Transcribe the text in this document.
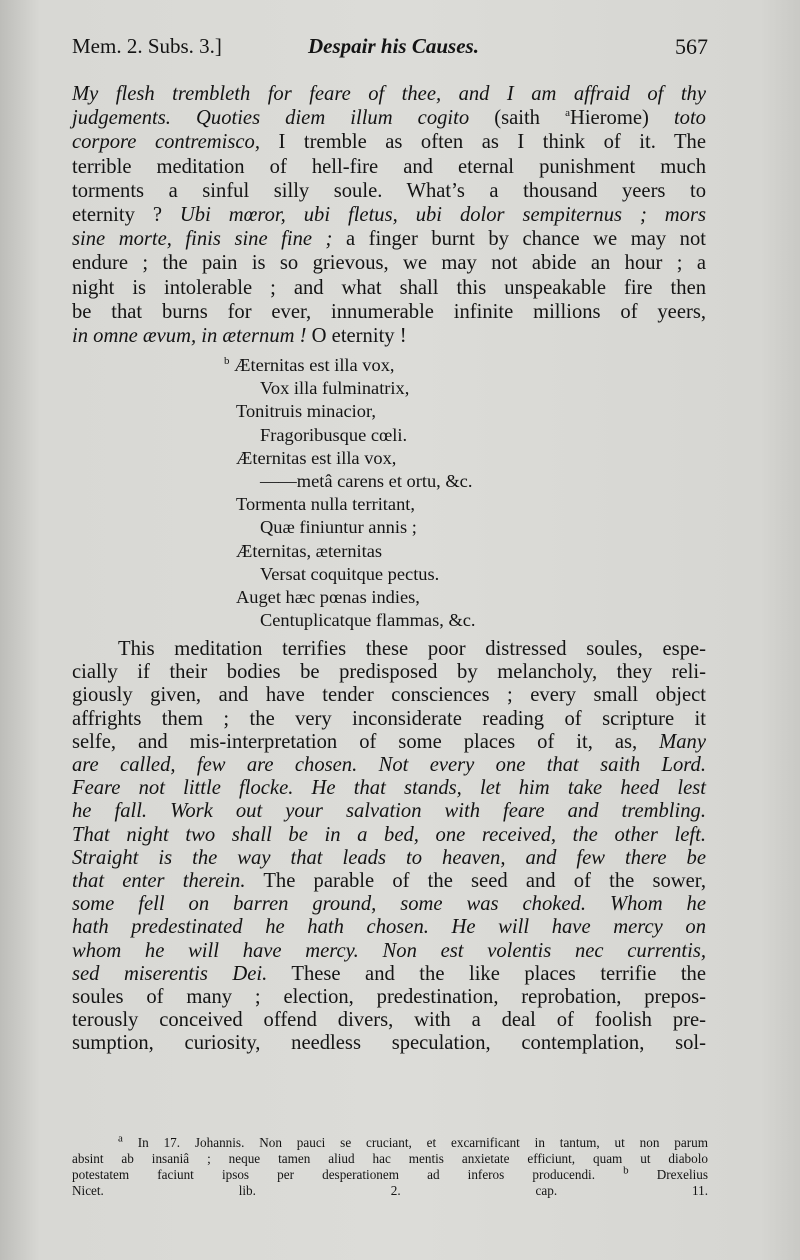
Mem. 2. Subs. 3.]	Despair his Causes.	567
My flesh trembleth for feare of thee, and I am affraid of thy
judgements. Quoties diem illum cogito (saith $^a$Hierome) toto
corpore contremisco, I tremble as often as I think of it. The
terrible meditation of hell-fire and eternal punishment much
torments a sinful silly soule. What’s a thousand yeers to
eternity ? Ubi mœror, ubi fletus, ubi dolor sempiternus ; mors
sine morte, finis sine fine ; a finger burnt by chance we may not
endure ; the pain is so grievous, we may not abide an hour ; a
night is intolerable ; and what shall this unspeakable fire then
be that burns for ever, innumerable infinite millions of yeers,
in omne ævum, in æternum ! O eternity !
$^b$ Æternitas est illa vox,
Vox illa fulminatrix,
Tonitruis minacior,
Fragoribusque cœli.
Æternitas est illa vox,
——metâ carens et ortu, &c.
Tormenta nulla territant,
Quæ finiuntur annis ;
Æternitas, æternitas
Versat coquitque pectus.
Auget hæc pœnas indies,
Centuplicatque flammas, &c.
This meditation terrifies these poor distressed soules, espe-
cially if their bodies be predisposed by melancholy, they reli-
giously given, and have tender consciences ; every small object
affrights them ; the very inconsiderate reading of scripture it
selfe, and mis-interpretation of some places of it, as, Many
are called, few are chosen. Not every one that saith Lord.
Feare not little flocke. He that stands, let him take heed lest
he fall. Work out your salvation with feare and trembling.
That night two shall be in a bed, one received, the other left.
Straight is the way that leads to heaven, and few there be
that enter therein. The parable of the seed and of the sower,
some fell on barren ground, some was choked. Whom he
hath predestinated he hath chosen. He will have mercy on
whom he will have mercy. Non est volentis nec currentis,
sed miserentis Dei. These and the like places terrifie the
soules of many ; election, predestination, reprobation, prepos-
terously conceived offend divers, with a deal of foolish pre-
sumption, curiosity, needless speculation, contemplation, sol-
$^a$ In 17. Johannis. Non pauci se cruciant, et excarnificant in tantum, ut non parum
absint ab insaniâ ; neque tamen aliud hac mentis anxietate efficiunt, quam ut diabolo
potestatem faciunt ipsos per desperationem ad inferos producendi. $^b$ Drexelius
Nicet. lib. 2. cap. 11.
